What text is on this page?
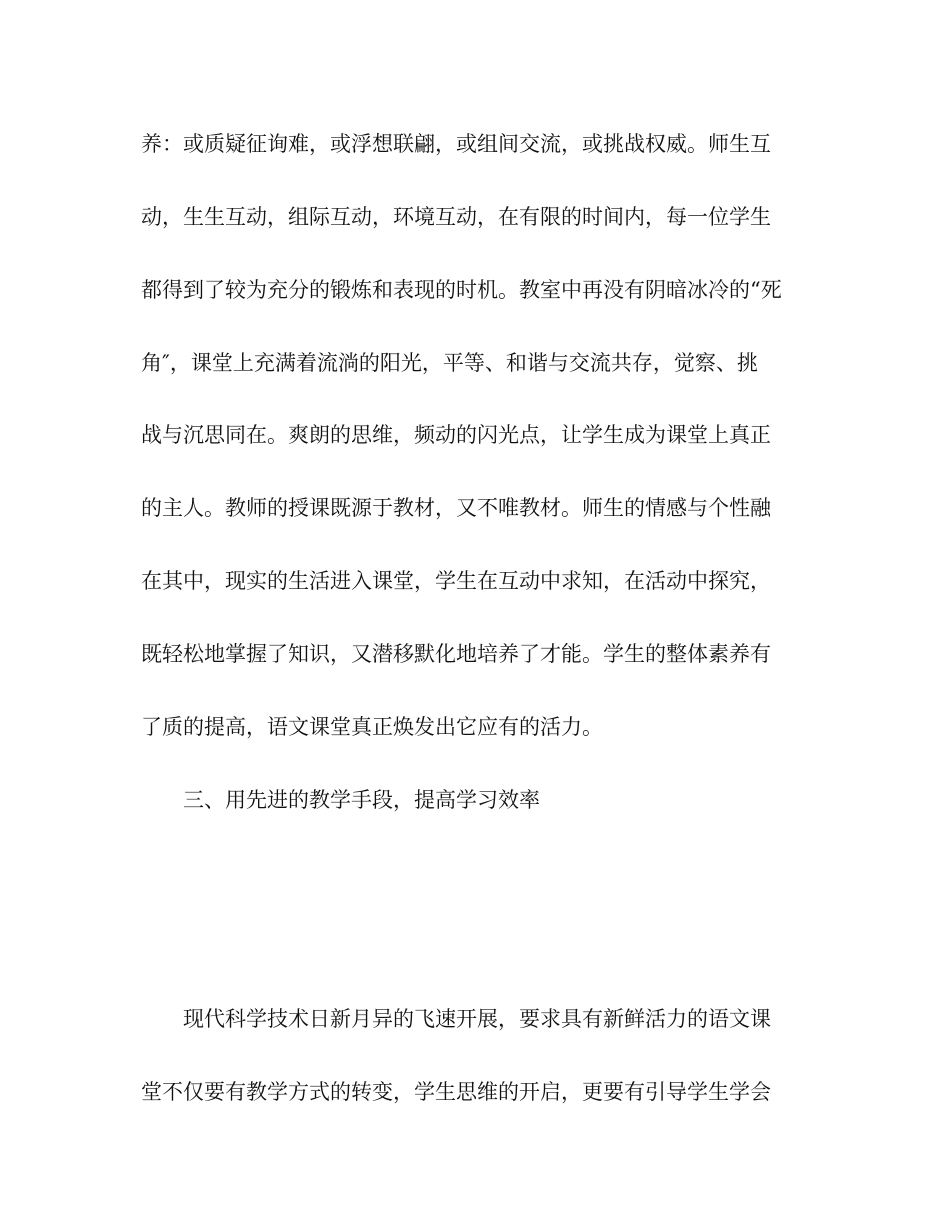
养：或质疑征询难，或浮想联翩，或组间交流，或挑战权威。师生互
动，生生互动，组际互动，环境互动，在有限的时间内，每一位学生
都得到了较为充分的锻炼和表现的时机。教室中再没有阴暗冰冷的“死
角″，课堂上充满着流淌的阳光，平等、和谐与交流共存，觉察、挑
战与沉思同在。爽朗的思维，频动的闪光点，让学生成为课堂上真正
的主人。教师的授课既源于教材，又不唯教材。师生的情感与个性融
在其中，现实的生活进入课堂，学生在互动中求知，在活动中探究，
既轻松地掌握了知识，又潜移默化地培养了才能。学生的整体素养有
了质的提高，语文课堂真正焕发出它应有的活力。
三、用先进的教学手段，提高学习效率
现代科学技术日新月异的飞速开展，要求具有新鲜活力的语文课
堂不仅要有教学方式的转变，学生思维的开启，更要有引导学生学会
